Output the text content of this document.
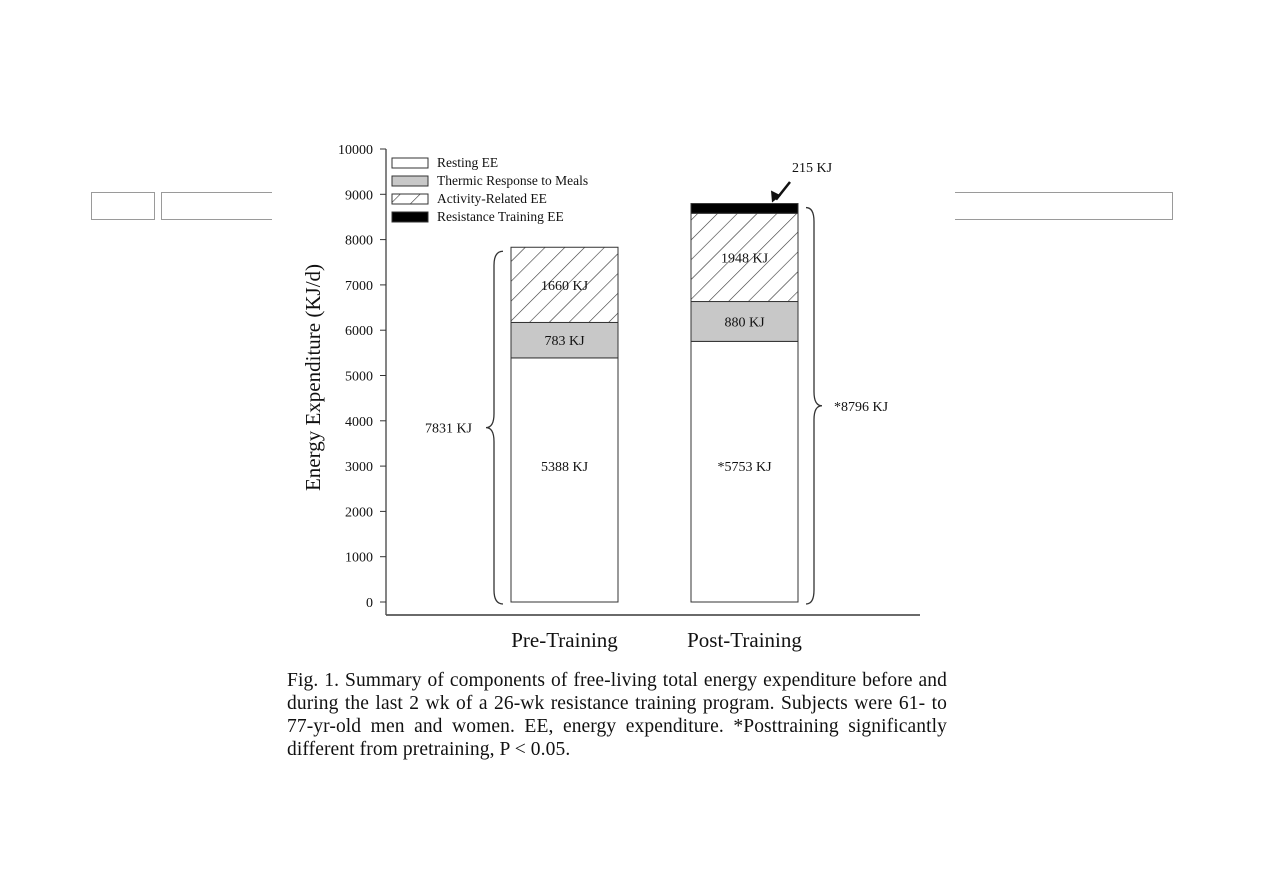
0
1000
2000
3000
4000
5000
6000
7000
8000
9000
10000
Energy Expenditure (KJ/d)
Pre-Training	Post-Training
5388 KJ
783 KJ
1660 KJ
*5753 KJ
880 KJ
1948 KJ
7831 KJ
*8796 KJ
215 KJ
Resting EE
Thermic Response to Meals
Activity-Related EE
Resistance Training EE
Fig. 1. Summary of components of free-living total energy expenditure before and during the last 2 wk of a 26-wk resistance training program. Subjects were 61- to 77-yr-old men and women. EE, energy expenditure. *Posttraining significantly different from pretraining, P < 0.05.
